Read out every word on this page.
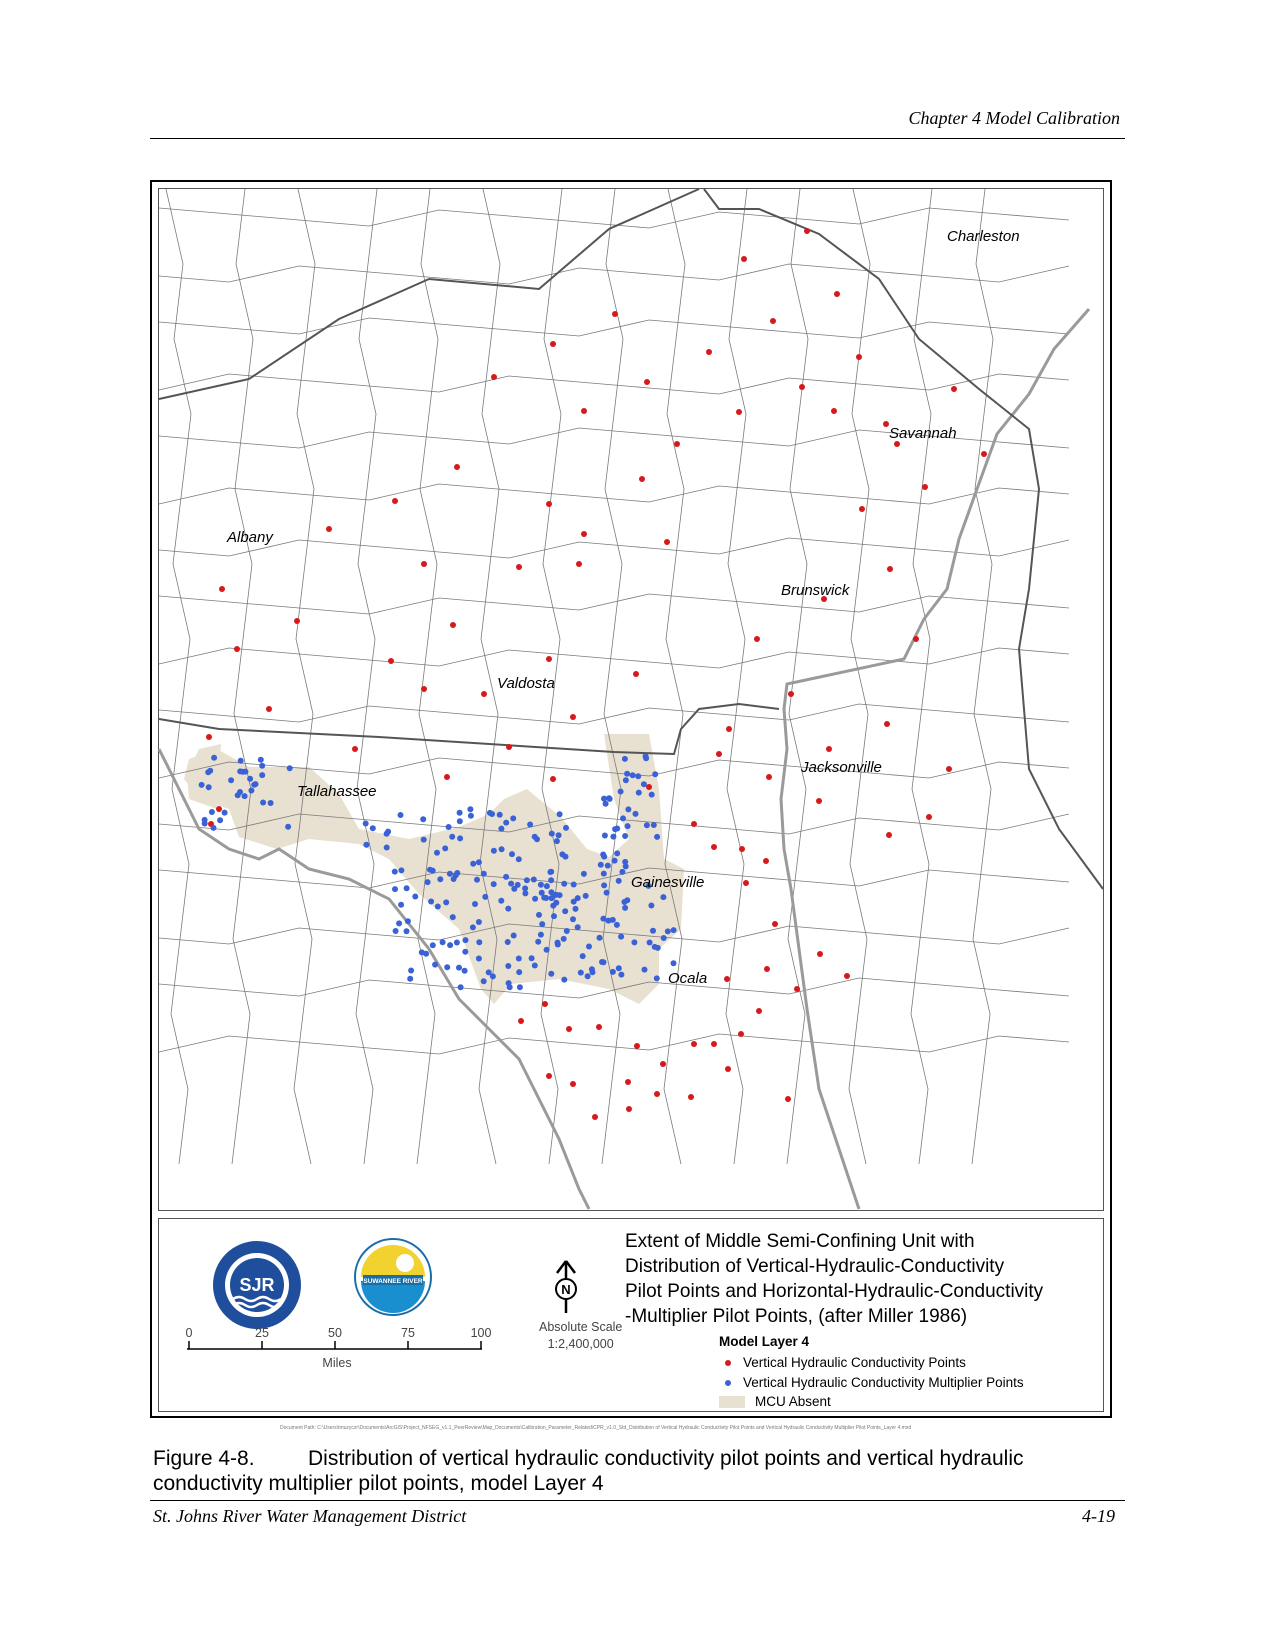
Chapter 4 Model Calibration
Charleston
Savannah
Albany
Brunswick
Valdosta
Jacksonville
Tallahassee
Gainesville
Ocala
SJR	SUWANNEE RIVER
N
Absolute Scale
1:2,400,000
0	25	50	75	100
Miles
Extent of Middle Semi-Confining Unit with
Distribution of Vertical-Hydraulic-Conductivity
Pilot Points and Horizontal-Hydraulic-Conductivity
-Multiplier Pilot Points, (after Miller 1986)
Model Layer 4
Vertical Hydraulic Conductivity Points
Vertical Hydraulic Conductivity Multiplier Points
MCU Absent
Document Path: C:\Users\tmuzyczr\Documents\ArcGIS\Project_NFSEG_v1.1_PeerReview\Map_Documents\Calibration_Parameter_Related\CPR_v1.0_Std_Distribution of Vertical Hydraulic Conductivity Pilot Points and Vertical Hydraulic Conductivity Multiplier Pilot Points_Layer 4.mxd
Figure 4-8.	Distribution of vertical hydraulic conductivity pilot points and vertical hydraulic conductivity multiplier pilot points, model Layer 4
St. Johns River Water Management District	4-19
